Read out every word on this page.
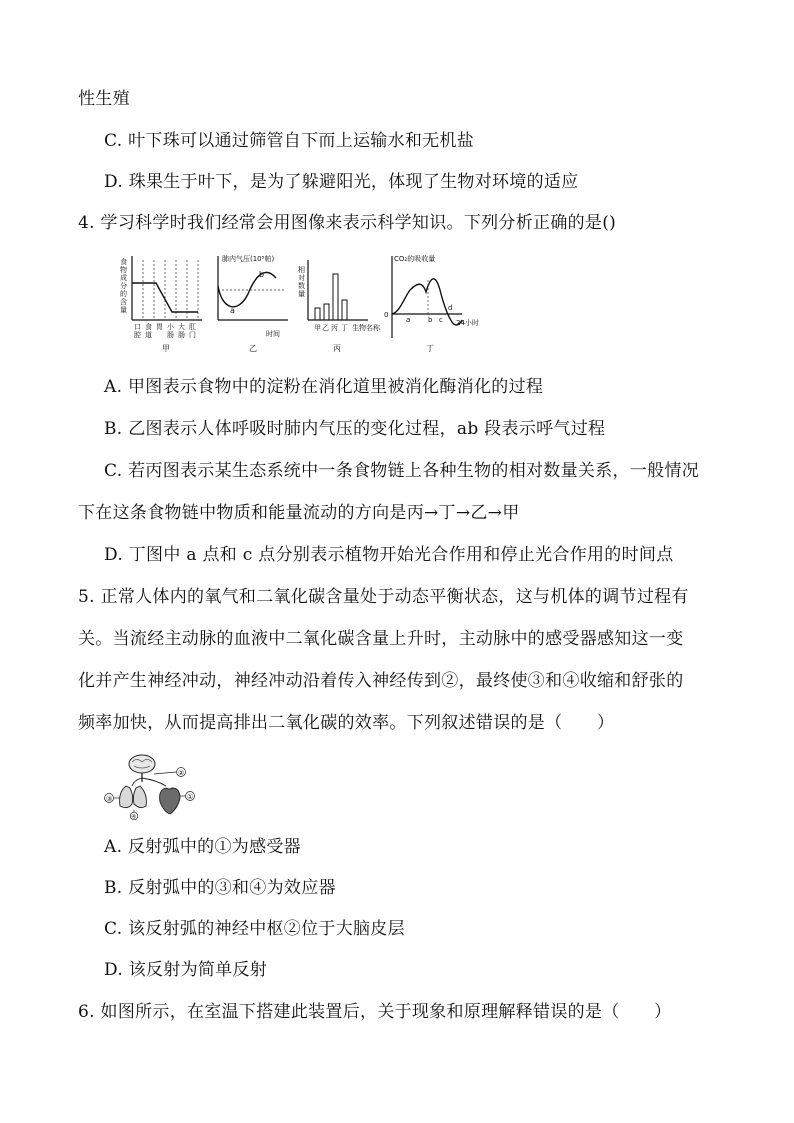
性生殖
C. 叶下珠可以通过筛管自下而上运输水和无机盐
D. 珠果生于叶下，是为了躲避阳光，体现了生物对环境的适应
4. 学习科学时我们经常会用图像来表示科学知识。下列分析正确的是()
食
物
成
分
的
含
量
口
腔
食
道
胃 小
肠
大
肠
肛
门
甲
肺内气压(10⁵帕)
a
b
时间
乙
相
对
数
量
甲 乙 丙 丁 生物名称
丙
CO₂的吸收量
0
a	b c
d
24小时
丁
A. 甲图表示食物中的淀粉在消化道里被消化酶消化的过程
B. 乙图表示人体呼吸时肺内气压的变化过程，ab 段表示呼气过程
C. 若丙图表示某生态系统中一条食物链上各种生物的相对数量关系，一般情况
下在这条食物链中物质和能量流动的方向是丙→丁→乙→甲
D. 丁图中 a 点和 c 点分别表示植物开始光合作用和停止光合作用的时间点
5. 正常人体内的氧气和二氧化碳含量处于动态平衡状态，这与机体的调节过程有
关。当流经主动脉的血液中二氧化碳含量上升时，主动脉中的感受器感知这一变
化并产生神经冲动，神经冲动沿着传入神经传到②，最终使③和④收缩和舒张的
频率加快，从而提高排出二氧化碳的效率。下列叙述错误的是（　　）
②
③
④
①
A. 反射弧中的①为感受器
B. 反射弧中的③和④为效应器
C. 该反射弧的神经中枢②位于大脑皮层
D. 该反射为简单反射
6. 如图所示，在室温下搭建此装置后，关于现象和原理解释错误的是（　　）
